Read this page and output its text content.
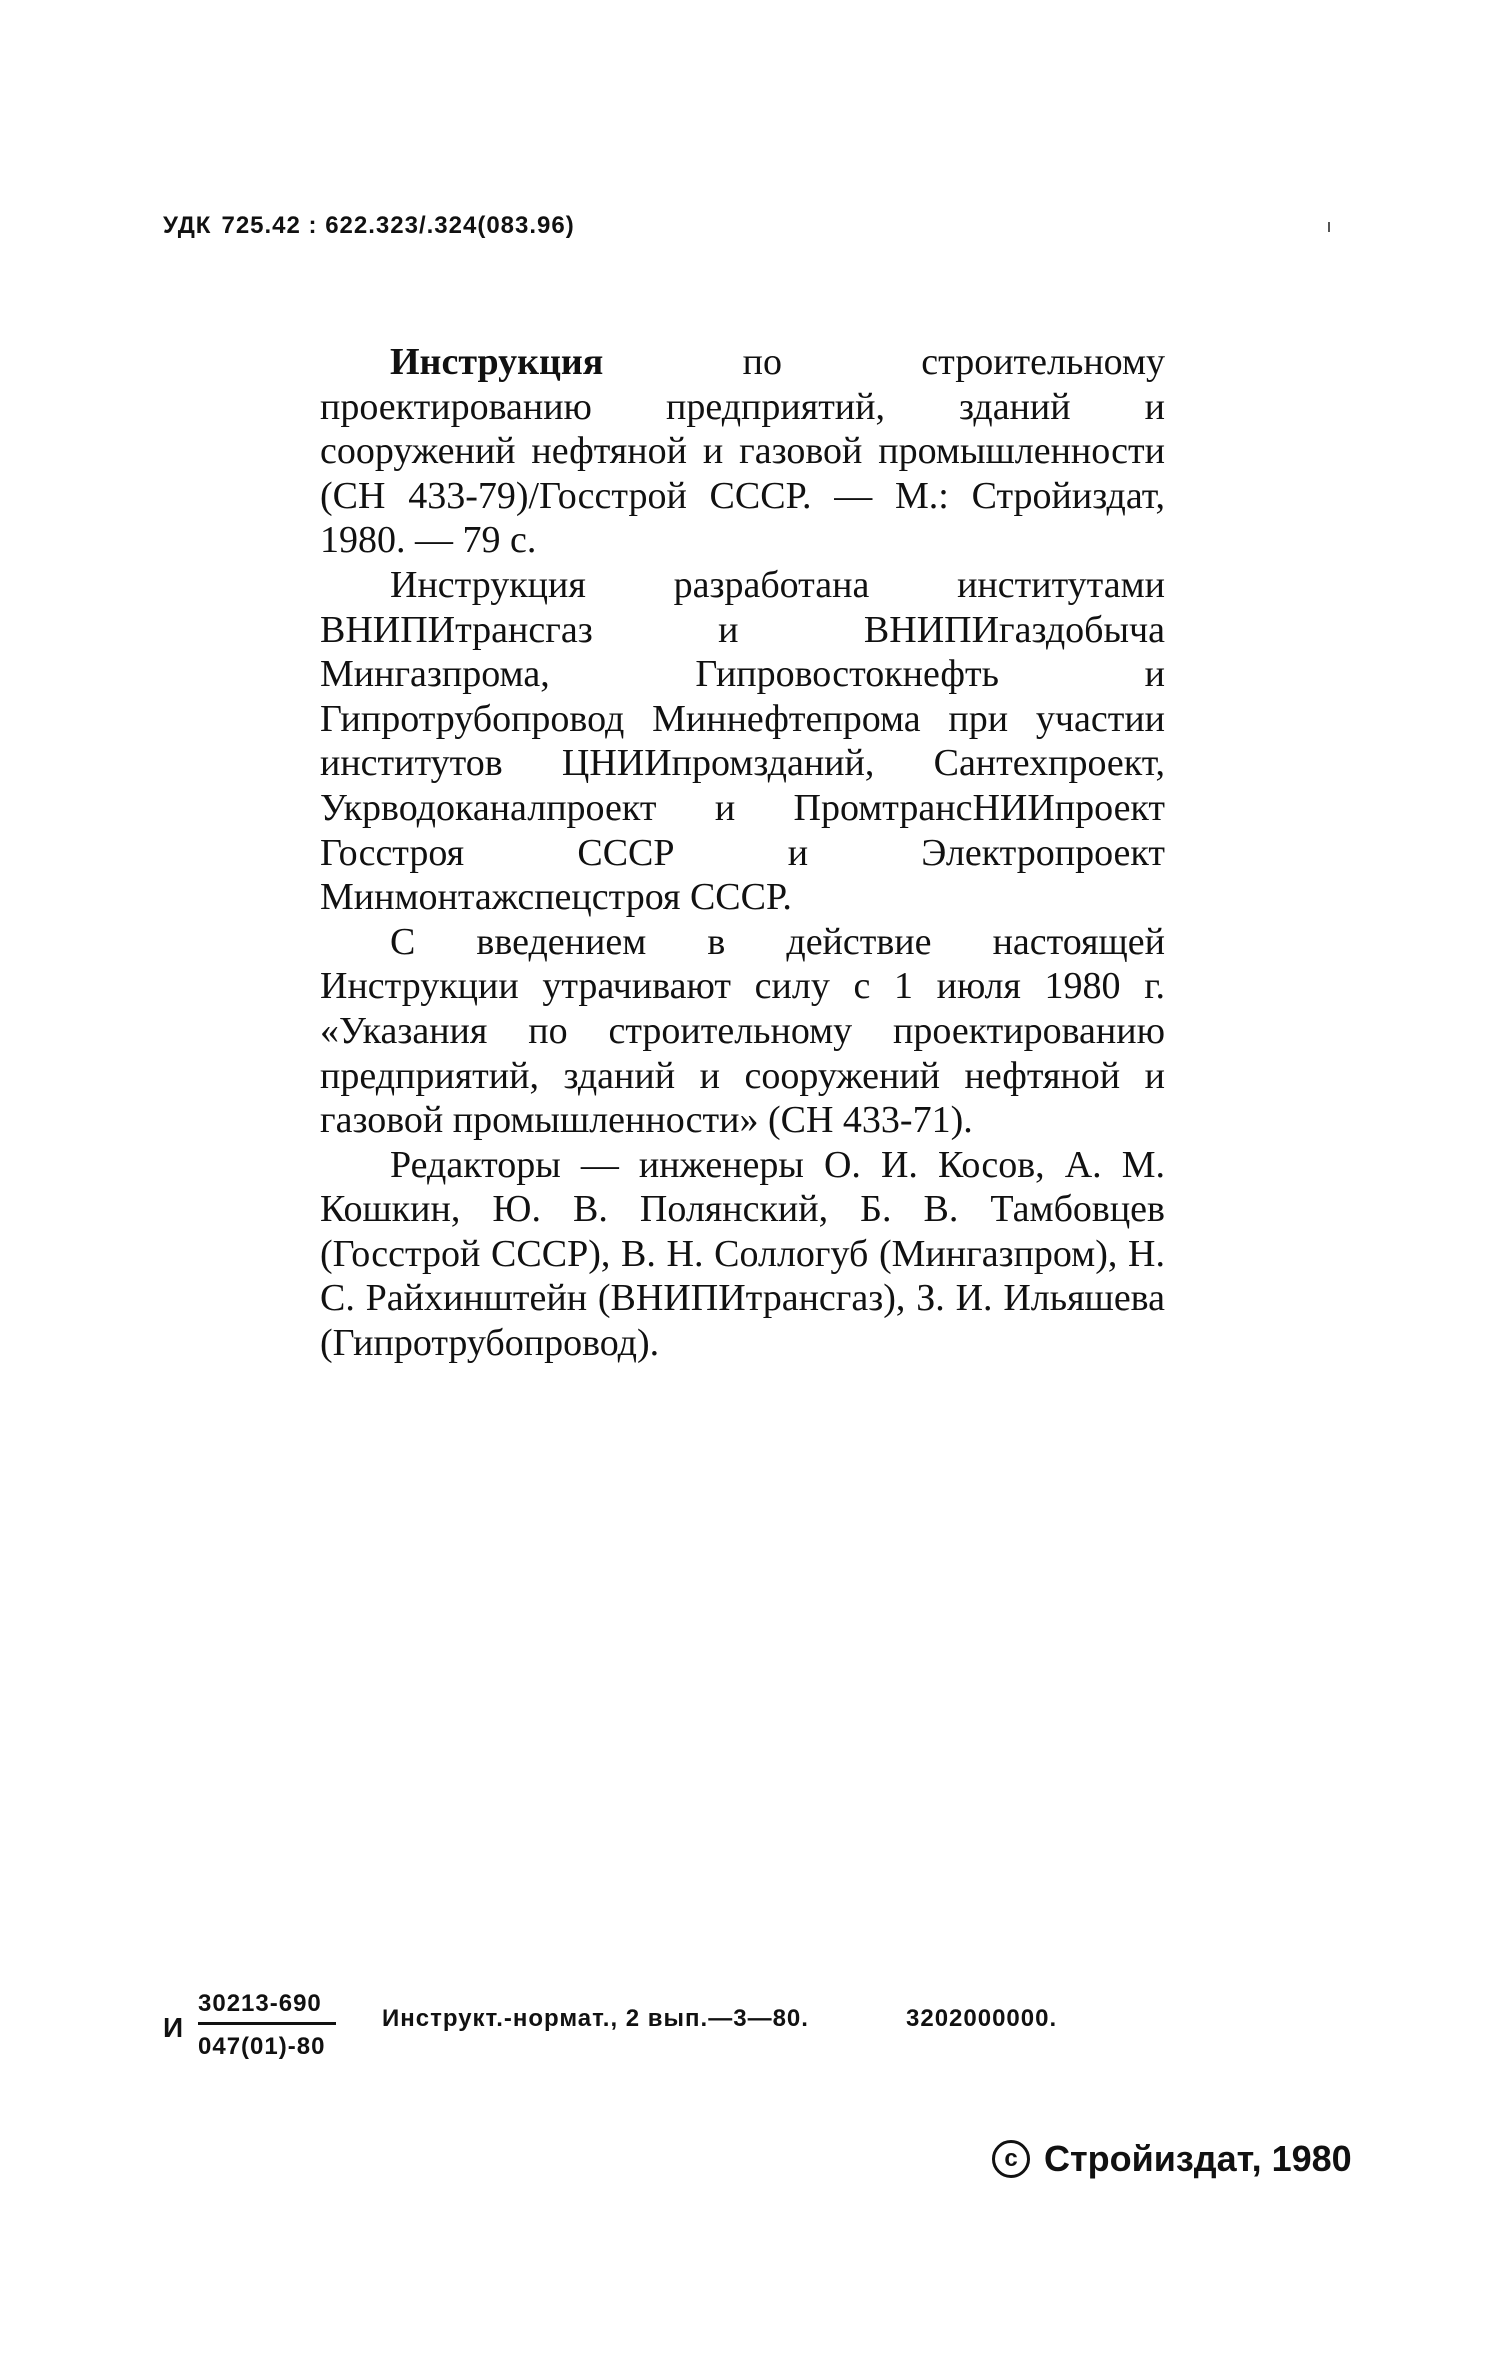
УДК 725.42 : 622.323/.324(083.96)

Инструкция по строительному проектированию предприятий, зданий и сооружений нефтяной и газовой промышленности (СН 433-79)/Госстрой СССР. — М.: Стройиздат, 1980. — 79 с.

Инструкция разработана институтами ВНИПИтрансгаз и ВНИПИгаздобыча Мингазпрома, Гипровостокнефть и Гипротрубопровод Миннефтепрома при участии институтов ЦНИИпромзданий, Сантехпроект, Укрводоканалпроект и ПромтрансНИИпроект Госстроя СССР и Электропроект Минмонтажспецстроя СССР.

С введением в действие настоящей Инструкции утрачивают силу с 1 июля 1980 г. «Указания по строительному проектированию предприятий, зданий и сооружений нефтяной и газовой промышленности» (СН 433-71).

Редакторы — инженеры О. И. Косов, А. М. Кошкин, Ю. В. Полянский, Б. В. Тамбовцев (Госстрой СССР), В. Н. Соллогуб (Мингазпром), Н. С. Райхинштейн (ВНИПИтрансгаз), З. И. Ильяшева (Гипротрубопровод).

И $\frac{30213-690}{047(01)-80}$ Инструкт.-нормат., 2 вып.—3—80.	3202000000.
c Стройиздат, 1980
